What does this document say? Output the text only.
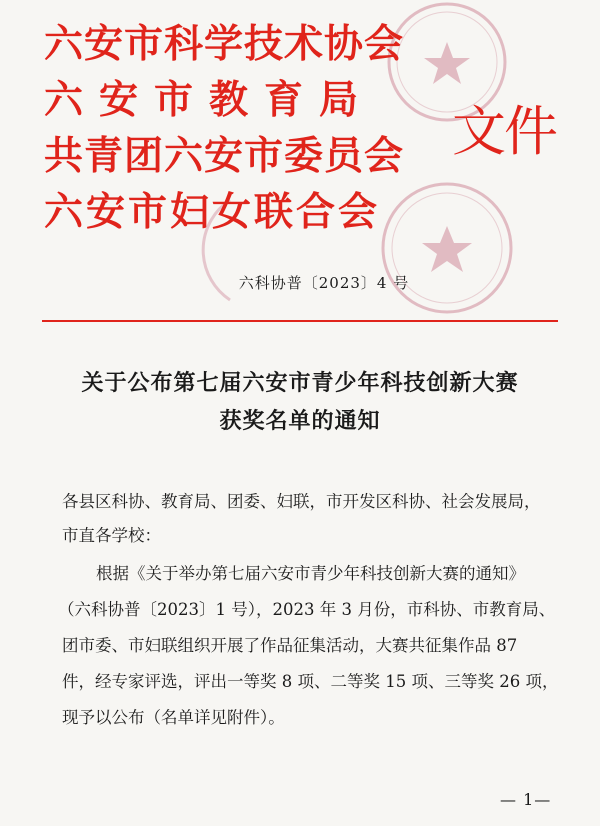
六安市科学技术协会
六安市教育局
共青团六安市委员会
六安市妇女联合会
文件
六科协普〔2023〕4 号
关于公布第七届六安市青少年科技创新大赛
获奖名单的通知
各县区科协、教育局、团委、妇联，市开发区科协、社会发展局，
市直各学校：
根据《关于举办第七届六安市青少年科技创新大赛的通知》
（六科协普〔2023〕1 号），2023 年 3 月份，市科协、市教育局、
团市委、市妇联组织开展了作品征集活动，大赛共征集作品 87
件，经专家评选，评出一等奖 8 项、二等奖 15 项、三等奖 26 项，
现予以公布（名单详见附件）。
— 1—
